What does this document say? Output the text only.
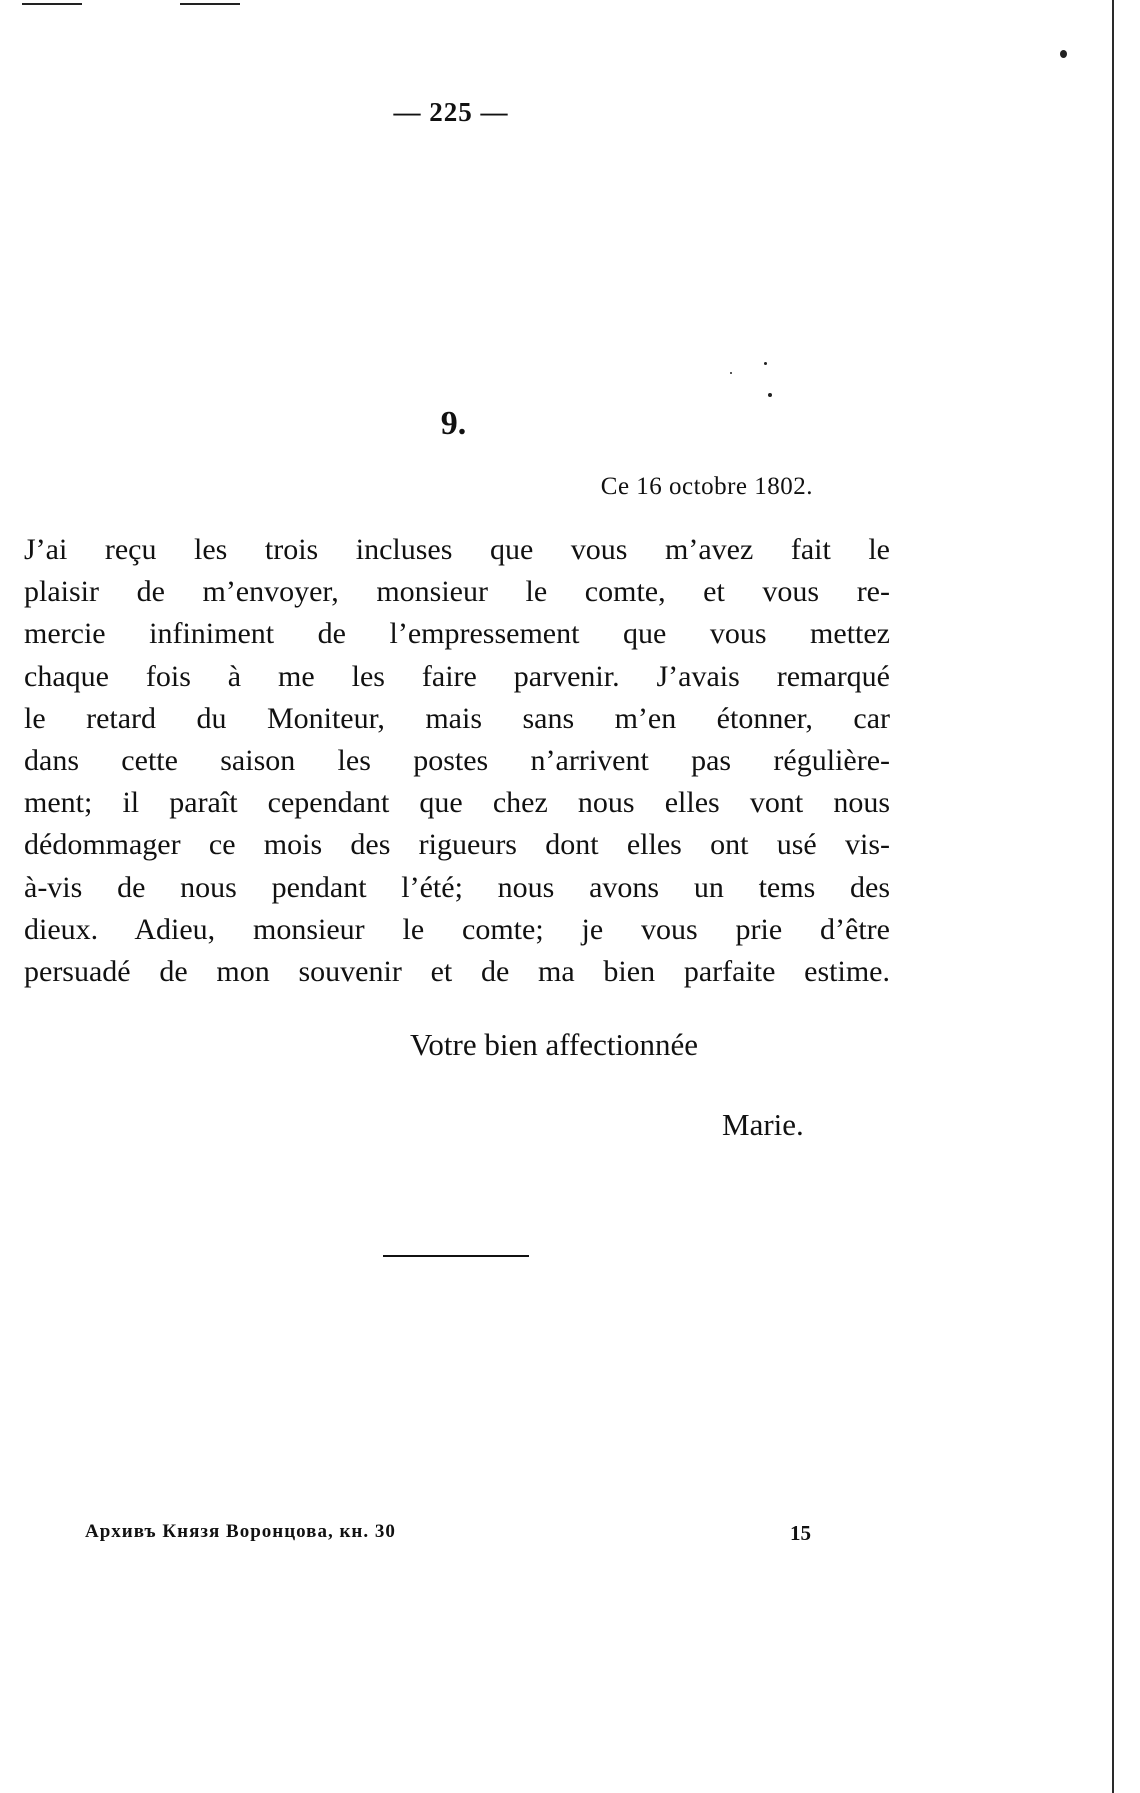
— 225 —
9.
Ce 16 octobre 1802.
J’ai reçu les trois incluses que vous m’avez fait le
plaisir de m’envoyer, monsieur le comte, et vous re-
mercie infiniment de l’empressement que vous mettez
chaque fois à me les faire parvenir. J’avais remarqué
le retard du Moniteur, mais sans m’en étonner, car
dans cette saison les postes n’arrivent pas régulière-
ment; il paraît cependant que chez nous elles vont nous
dédommager ce mois des rigueurs dont elles ont usé vis-
à-vis de nous pendant l’été; nous avons un tems des
dieux. Adieu, monsieur le comte; je vous prie d’être
persuadé de mon souvenir et de ma bien parfaite estime.
Votre bien affectionnée
Marie.
Архивъ Князя Воронцова, кн. 30	15
